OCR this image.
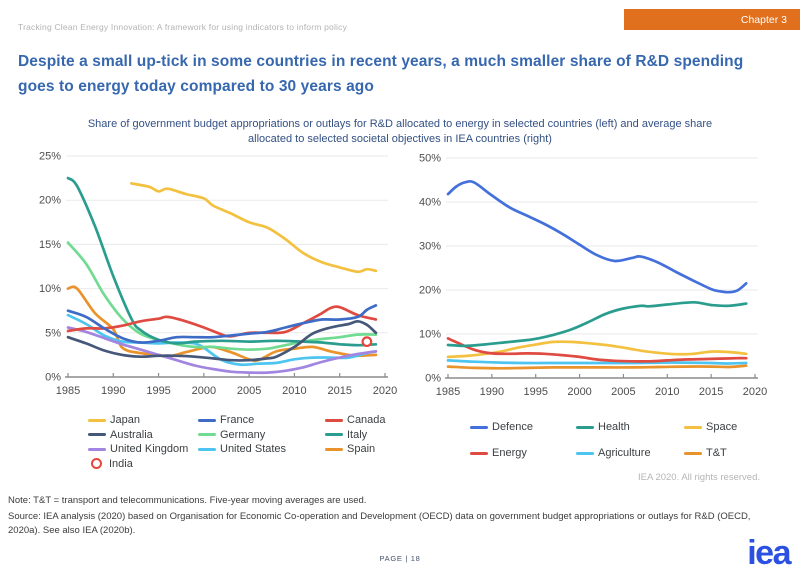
Tracking Clean Energy Innovation: A framework for using indicators to inform policy
Chapter 3
Despite a small up-tick in some countries in recent years, a much smaller share of R&D spending
goes to energy today compared to 30 years ago
Share of government budget appropriations or outlays for R&D allocated to energy in selected countries (left) and average share
allocated to selected societal objectives in IEA countries (right)
0%
5%
10%
15%
20%
25%
1985 1990 1995 2000 2005 2010 2015 2020
0%
10%
20%
30%
40%
50%
1985 1990 1995 2000 2005 2010 2015 2020
Japan
Australia
United Kingdom
India
France
Germany
United States
Canada
Italy
Spain
Defence
Energy
Health
Agriculture
Space
T&T
IEA 2020. All rights reserved.
Note: T&T = transport and telecommunications. Five-year moving averages are used.
Source: IEA analysis (2020) based on Organisation for Economic Co-operation and Development (OECD) data on government budget appropriations or outlays for R&D (OECD, 2020a). See also IEA (2020b).
PAGE | 18	iea
